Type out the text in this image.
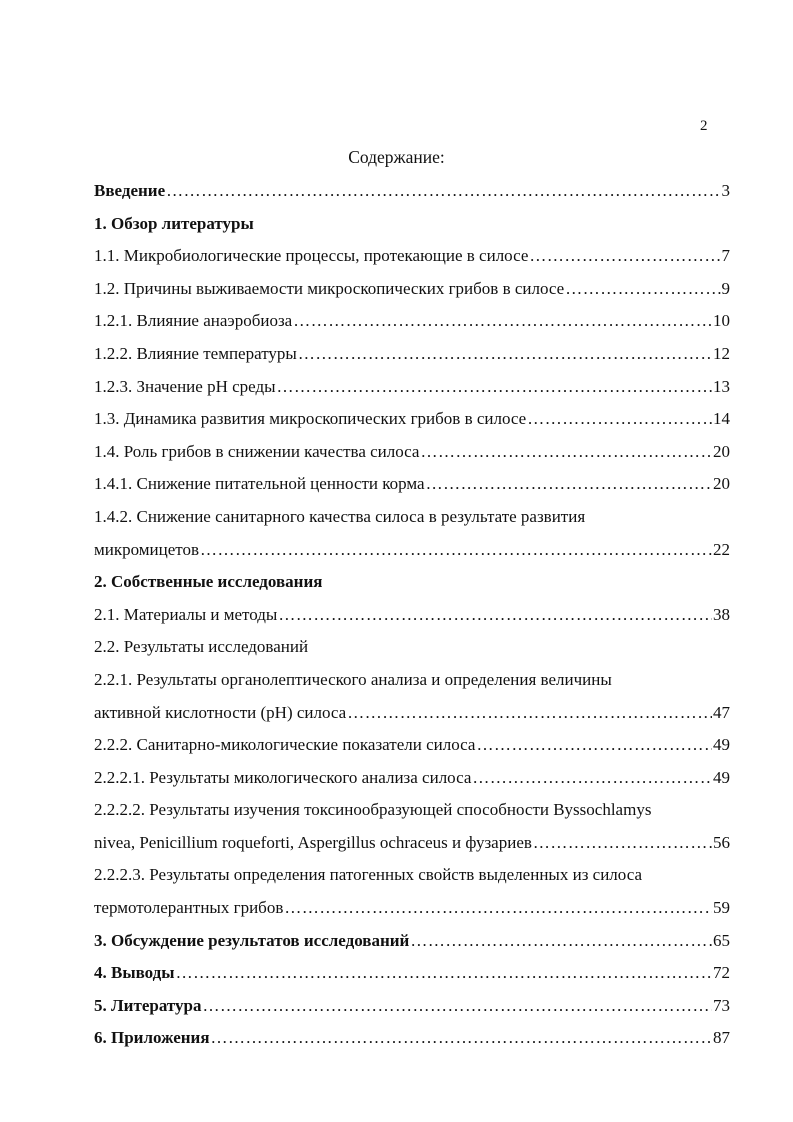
2
Содержание:
Введение …………………………………………………………………………………………………………………………………………………………………………	3
1. Обзор литературы
1.1. Микробиологические процессы, протекающие в силосе …………………………………………………………………………………………………………………………………………………………………………	7
1.2. Причины выживаемости микроскопических грибов в силосе …………………………………………………………………………………………………………………………………………………………………………	9
1.2.1. Влияние анаэробиоза …………………………………………………………………………………………………………………………………………………………………………	10
1.2.2. Влияние температуры …………………………………………………………………………………………………………………………………………………………………………	12
1.2.3. Значение рН среды …………………………………………………………………………………………………………………………………………………………………………	13
1.3. Динамика развития микроскопических грибов в силосе …………………………………………………………………………………………………………………………………………………………………………	14
1.4. Роль грибов в снижении качества силоса …………………………………………………………………………………………………………………………………………………………………………	20
1.4.1. Снижение питательной ценности корма …………………………………………………………………………………………………………………………………………………………………………	20
1.4.2. Снижение санитарного качества силоса в результате развития
микромицетов …………………………………………………………………………………………………………………………………………………………………………	22
2. Собственные исследования
2.1. Материалы и методы …………………………………………………………………………………………………………………………………………………………………………	38
2.2. Результаты исследований
2.2.1. Результаты органолептического анализа и определения величины
активной кислотности (рН) силоса …………………………………………………………………………………………………………………………………………………………………………	47
2.2.2. Санитарно-микологические показатели силоса …………………………………………………………………………………………………………………………………………………………………………	49
2.2.2.1. Результаты микологического анализа силоса …………………………………………………………………………………………………………………………………………………………………………	49
2.2.2.2. Результаты изучения токсинообразующей способности Byssochlamys
nivea, Penicillium roqueforti, Aspergillus ochraceus и фузариев …………………………………………………………………………………………………………………………………………………………………………	56
2.2.2.3. Результаты определения патогенных свойств выделенных из силоса
термотолерантных грибов …………………………………………………………………………………………………………………………………………………………………………	59
3. Обсуждение результатов исследований …………………………………………………………………………………………………………………………………………………………………………	65
4. Выводы …………………………………………………………………………………………………………………………………………………………………………	72
5. Литература …………………………………………………………………………………………………………………………………………………………………………	73
6. Приложения …………………………………………………………………………………………………………………………………………………………………………	87
